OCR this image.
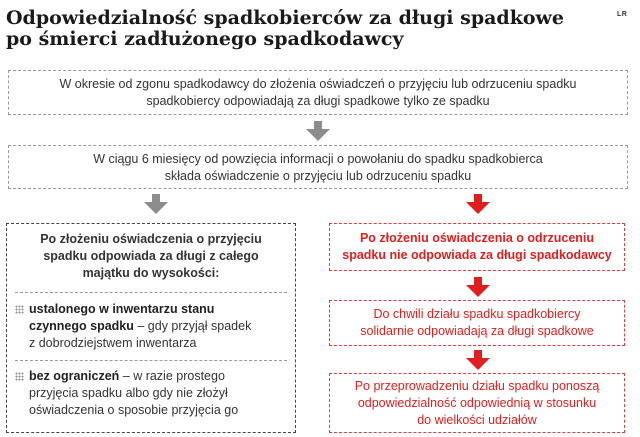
Odpowiedzialność spadkobierców za długi spadkowe
po śmierci zadłużonego spadkodawcy
LR
W okresie od zgonu spadkodawcy do złożenia oświadczeń o przyjęciu lub odrzuceniu spadku
spadkobiercy odpowiadają za długi spadkowe tylko ze spadku
W ciągu 6 miesięcy od powzięcia informacji o powołaniu do spadku spadkobierca
składa oświadczenie o przyjęciu lub odrzuceniu spadku
Po złożeniu oświadczenia o przyjęciu
spadku odpowiada za długi z całego
majątku do wysokości:
ustalonego w inwentarzu stanu
czynnego spadku – gdy przyjął spadek
z dobrodziejstwem inwentarza
bez ograniczeń – w razie prostego
przyjęcia spadku albo gdy nie złożył
oświadczenia o sposobie przyjęcia go
Po złożeniu oświadczenia o odrzuceniu
spadku nie odpowiada za długi spadkodawcy
Do chwili działu spadku spadkobiercy
solidarnie odpowiadają za długi spadkowe
Po przeprowadzeniu działu spadku ponoszą
odpowiedzialność odpowiednią w stosunku
do wielkości udziałów
